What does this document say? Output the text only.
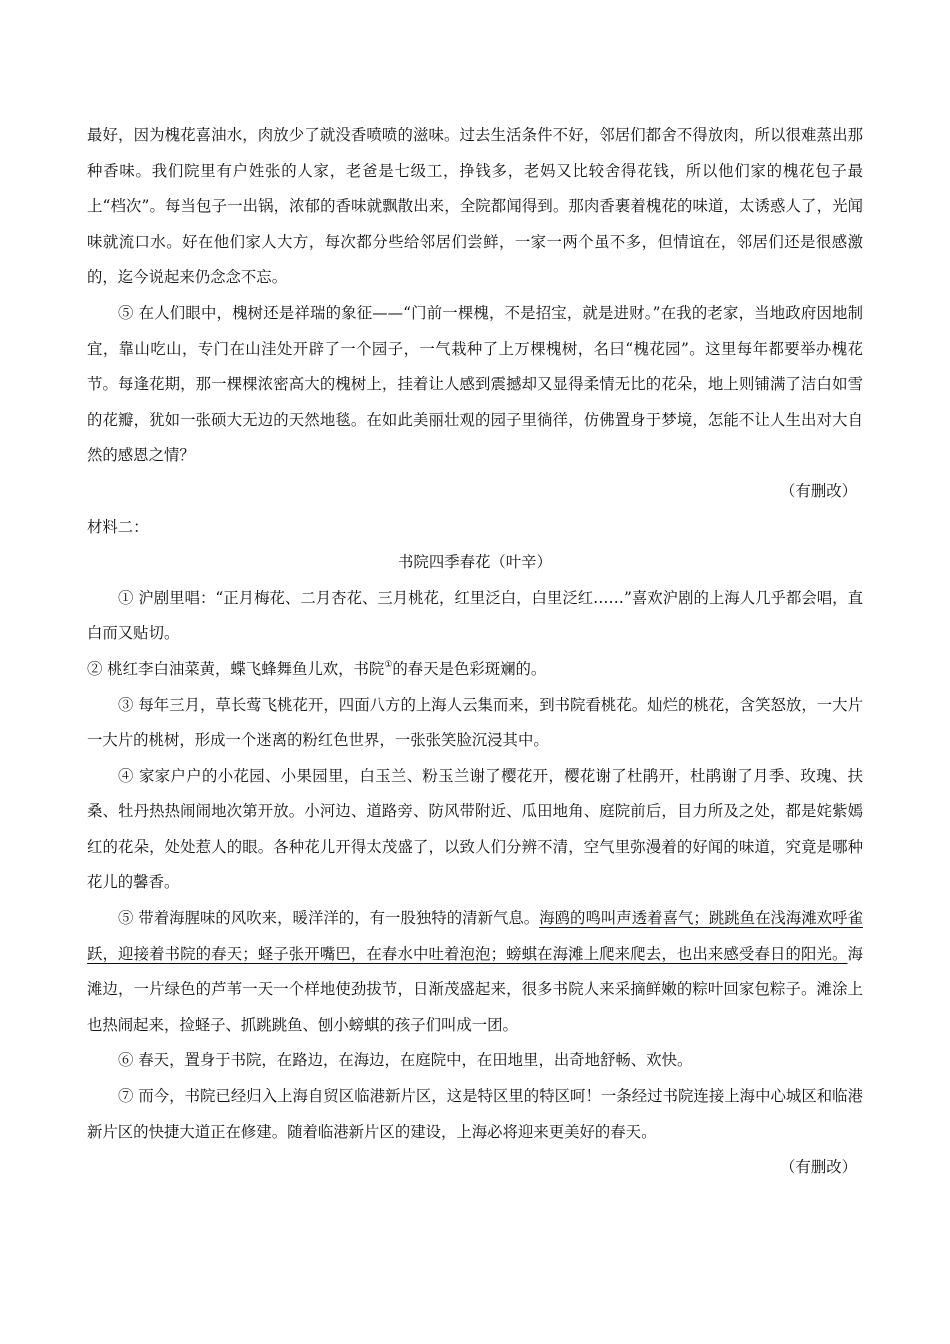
最好，因为槐花喜油水，肉放少了就没香喷喷的滋味。过去生活条件不好，邻居们都舍不得放肉，所以很难蒸出那种香味。我们院里有户姓张的人家，老爸是七级工，挣钱多，老妈又比较舍得花钱，所以他们家的槐花包子最上“档次”。每当包子一出锅，浓郁的香味就飘散出来，全院都闻得到。那肉香裹着槐花的味道，太诱惑人了，光闻味就流口水。好在他们家人大方，每次都分些给邻居们尝鲜，一家一两个虽不多，但情谊在，邻居们还是很感激的，迄今说起来仍念念不忘。

⑤ 在人们眼中，槐树还是祥瑞的象征——“门前一棵槐，不是招宝，就是进财。”在我的老家，当地政府因地制宜，靠山吃山，专门在山洼处开辟了一个园子，一气栽种了上万棵槐树，名曰“槐花园”。这里每年都要举办槐花节。每逢花期，那一棵棵浓密高大的槐树上，挂着让人感到震撼却又显得柔情无比的花朵，地上则铺满了洁白如雪的花瓣，犹如一张硕大无边的天然地毯。在如此美丽壮观的园子里徜徉，仿佛置身于梦境，怎能不让人生出对大自然的感恩之情？

（有删改）

材料二：

书院四季春花（叶辛）

① 沪剧里唱：“正月梅花、二月杏花、三月桃花，红里泛白，白里泛红……”喜欢沪剧的上海人几乎都会唱，直白而又贴切。

② 桃红李白油菜黄，蝶飞蜂舞鱼儿欢，书院①的春天是色彩斑斓的。

③ 每年三月，草长莺飞桃花开，四面八方的上海人云集而来，到书院看桃花。灿烂的桃花，含笑怒放，一大片一大片的桃树，形成一个迷离的粉红色世界，一张张笑脸沉浸其中。

④ 家家户户的小花园、小果园里，白玉兰、粉玉兰谢了樱花开，樱花谢了杜鹃开，杜鹃谢了月季、玫瑰、扶桑、牡丹热热闹闹地次第开放。小河边、道路旁、防风带附近、瓜田地角、庭院前后，目力所及之处，都是姹紫嫣红的花朵，处处惹人的眼。各种花儿开得太茂盛了，以致人们分辨不清，空气里弥漫着的好闻的味道，究竟是哪种花儿的馨香。

⑤ 带着海腥味的风吹来，暖洋洋的，有一股独特的清新气息。海鸥的鸣叫声透着喜气；跳跳鱼在浅海滩欢呼雀跃，迎接着书院的春天；蛏子张开嘴巴，在春水中吐着泡泡；螃蜞在海滩上爬来爬去，也出来感受春日的阳光。海滩边，一片绿色的芦苇一天一个样地使劲拔节，日渐茂盛起来，很多书院人来采摘鲜嫩的粽叶回家包粽子。滩涂上也热闹起来，捡蛏子、抓跳跳鱼、刨小螃蜞的孩子们叫成一团。

⑥ 春天，置身于书院，在路边，在海边，在庭院中，在田地里，出奇地舒畅、欢快。

⑦ 而今，书院已经归入上海自贸区临港新片区，这是特区里的特区呵！一条经过书院连接上海中心城区和临港新片区的快捷大道正在修建。随着临港新片区的建设，上海必将迎来更美好的春天。

（有删改）
